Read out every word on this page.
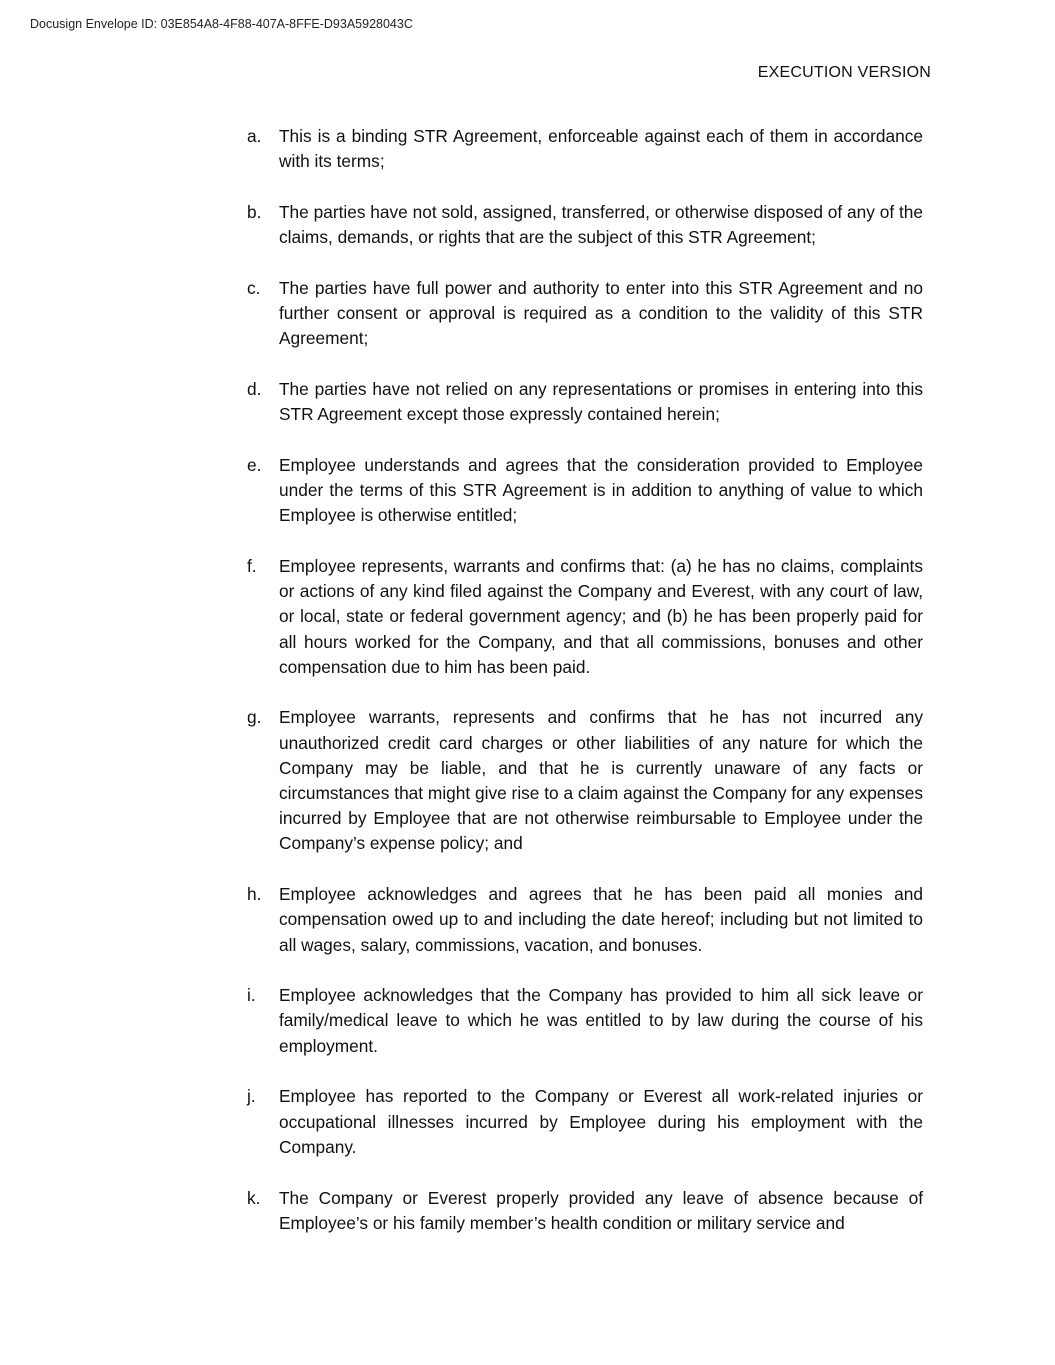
Docusign Envelope ID: 03E854A8-4F88-407A-8FFE-D93A5928043C
EXECUTION VERSION
a.	This is a binding STR Agreement, enforceable against each of them in accordance with its terms;
b.	The parties have not sold, assigned, transferred, or otherwise disposed of any of the claims, demands, or rights that are the subject of this STR Agreement;
c.	The parties have full power and authority to enter into this STR Agreement and no further consent or approval is required as a condition to the validity of this STR Agreement;
d.	The parties have not relied on any representations or promises in entering into this STR Agreement except those expressly contained herein;
e.	Employee understands and agrees that the consideration provided to Employee under the terms of this STR Agreement is in addition to anything of value to which Employee is otherwise entitled;
f.	Employee represents, warrants and confirms that: (a) he has no claims, complaints or actions of any kind filed against the Company and Everest, with any court of law, or local, state or federal government agency; and (b) he has been properly paid for all hours worked for the Company, and that all commissions, bonuses and other compensation due to him has been paid.
g.	Employee warrants, represents and confirms that he has not incurred any unauthorized credit card charges or other liabilities of any nature for which the Company may be liable, and that he is currently unaware of any facts or circumstances that might give rise to a claim against the Company for any expenses incurred by Employee that are not otherwise reimbursable to Employee under the Company’s expense policy; and
h.	Employee acknowledges and agrees that he has been paid all monies and compensation owed up to and including the date hereof; including but not limited to all wages, salary, commissions, vacation, and bonuses.
i.	Employee acknowledges that the Company has provided to him all sick leave or family/medical leave to which he was entitled to by law during the course of his employment.
j.	Employee has reported to the Company or Everest all work-related injuries or occupational illnesses incurred by Employee during his employment with the Company.
k.	The Company or Everest properly provided any leave of absence because of Employee’s or his family member’s health condition or military service and
